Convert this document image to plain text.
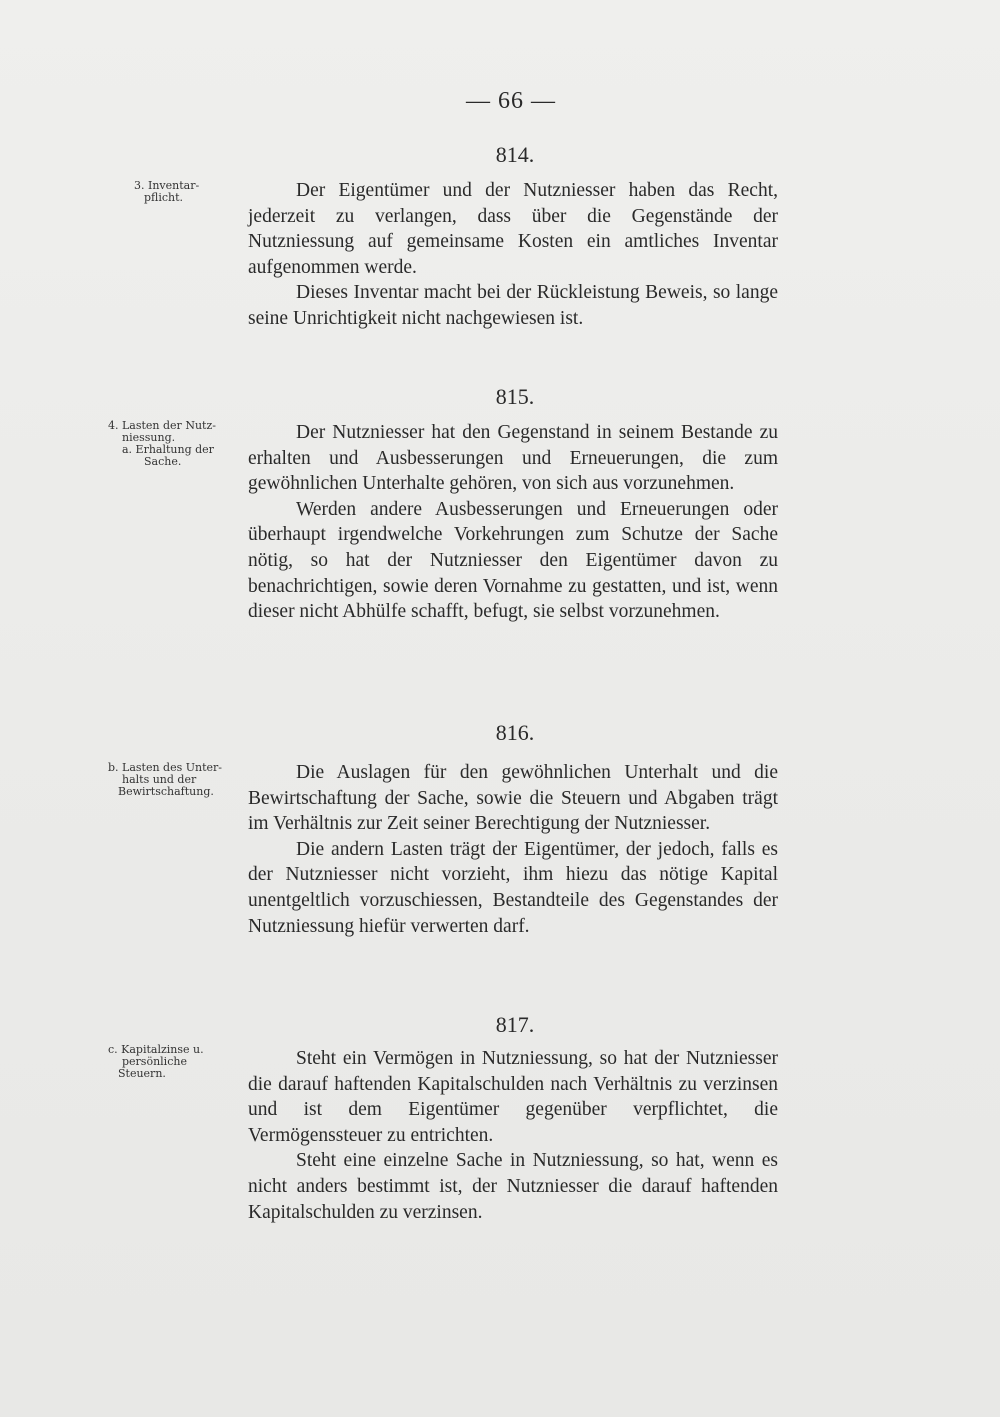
— 66 —
814.
3. Inventar-
pflicht.	Der Eigentümer und der Nutzniesser haben das Recht, jederzeit zu verlangen, dass über die Gegenstände der Nutzniessung auf gemeinsame Kosten ein amtliches Inventar aufgenommen werde.

Dieses Inventar macht bei der Rückleistung Beweis, so lange seine Unrichtigkeit nicht nachgewiesen ist.

815.
4. Lasten der Nutz-
niessung.
a. Erhaltung der
Sache.

Der Nutzniesser hat den Gegenstand in seinem Bestande zu erhalten und Ausbesserungen und Erneuerungen, die zum gewöhnlichen Unterhalte gehören, von sich aus vorzunehmen.

Werden andere Ausbesserungen und Erneuerungen oder überhaupt irgendwelche Vorkehrungen zum Schutze der Sache nötig, so hat der Nutzniesser den Eigentümer davon zu benachrichtigen, sowie deren Vornahme zu gestatten, und ist, wenn dieser nicht Abhülfe schafft, befugt, sie selbst vorzunehmen.

816.
b. Lasten des Unter-
halts und der
Bewirtschaftung.

Die Auslagen für den gewöhnlichen Unterhalt und die Bewirtschaftung der Sache, sowie die Steuern und Abgaben trägt im Verhältnis zur Zeit seiner Berechtigung der Nutzniesser.

Die andern Lasten trägt der Eigentümer, der jedoch, falls es der Nutzniesser nicht vorzieht, ihm hiezu das nötige Kapital unentgeltlich vorzuschiessen, Bestandteile des Gegenstandes der Nutzniessung hiefür verwerten darf.

817.
c. Kapitalzinse u.
persönliche
Steuern.

Steht ein Vermögen in Nutzniessung, so hat der Nutzniesser die darauf haftenden Kapitalschulden nach Verhältnis zu verzinsen und ist dem Eigentümer gegenüber verpflichtet, die Vermögenssteuer zu entrichten.

Steht eine einzelne Sache in Nutzniessung, so hat, wenn es nicht anders bestimmt ist, der Nutzniesser die darauf haftenden Kapitalschulden zu verzinsen.
